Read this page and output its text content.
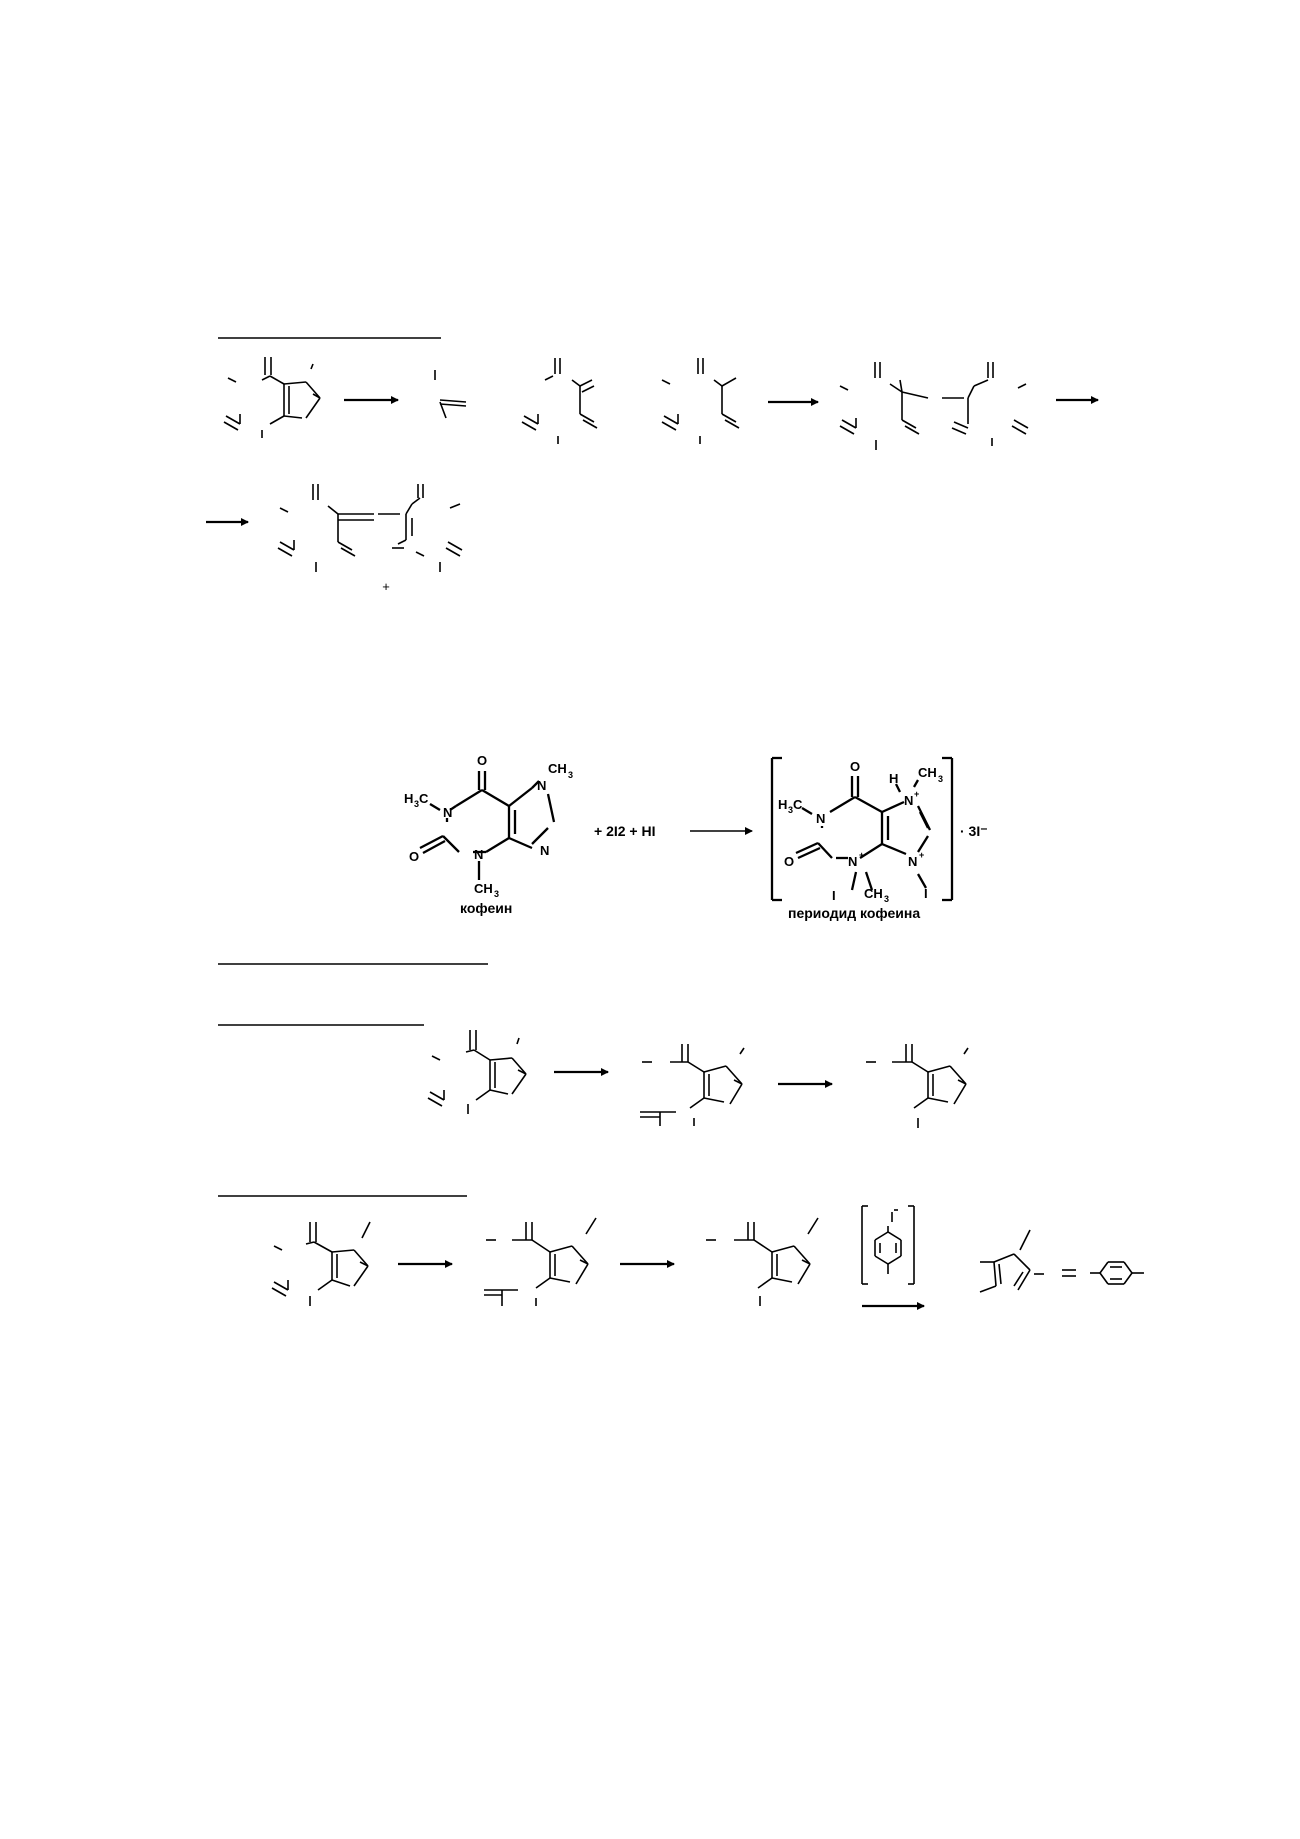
+
O
N
CH 3
H 3 C
N
N
O	N
CH 3
кофеин
+ 2I2 + HI
O
H CH 3
N +
H 3 C
N
O	N +	N +
I CH 3	I
· 3I⁻
периодид кофеина
